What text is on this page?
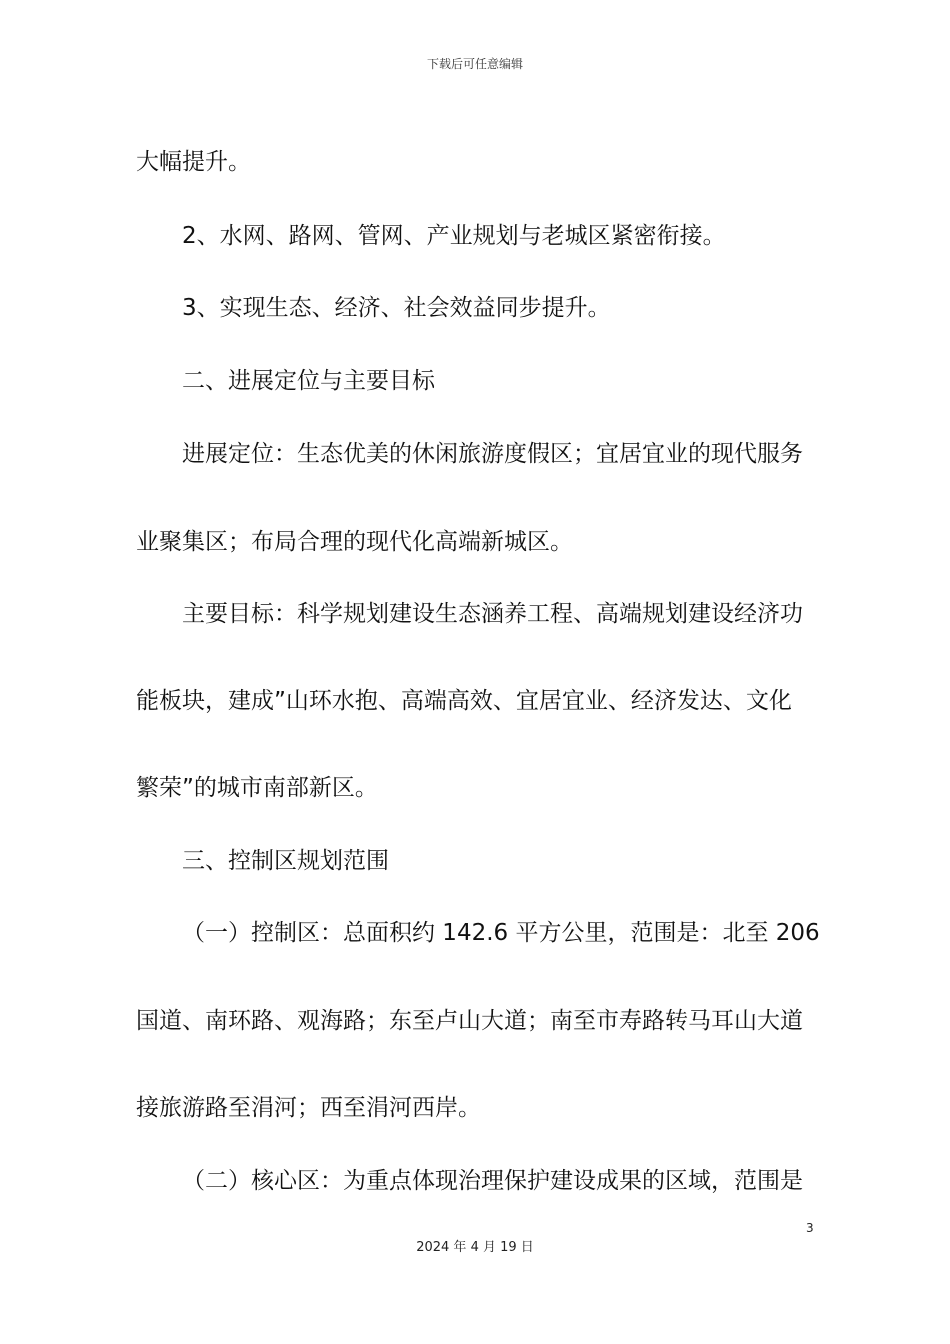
下载后可任意编辑
大幅提升。
2、水网、路网、管网、产业规划与老城区紧密衔接。
3、实现生态、经济、社会效益同步提升。
二、进展定位与主要目标
进展定位：生态优美的休闲旅游度假区；宜居宜业的现代服务
业聚集区；布局合理的现代化高端新城区。
主要目标：科学规划建设生态涵养工程、高端规划建设经济功
能板块，建成”山环水抱、高端高效、宜居宜业、经济发达、文化
繁荣”的城市南部新区。
三、控制区规划范围
（一）控制区：总面积约 142.6 平方公里，范围是：北至 206
国道、南环路、观海路；东至卢山大道；南至市寿路转马耳山大道
接旅游路至涓河；西至涓河西岸。
（二）核心区：为重点体现治理保护建设成果的区域，范围是
3
2024 年 4 月 19 日
